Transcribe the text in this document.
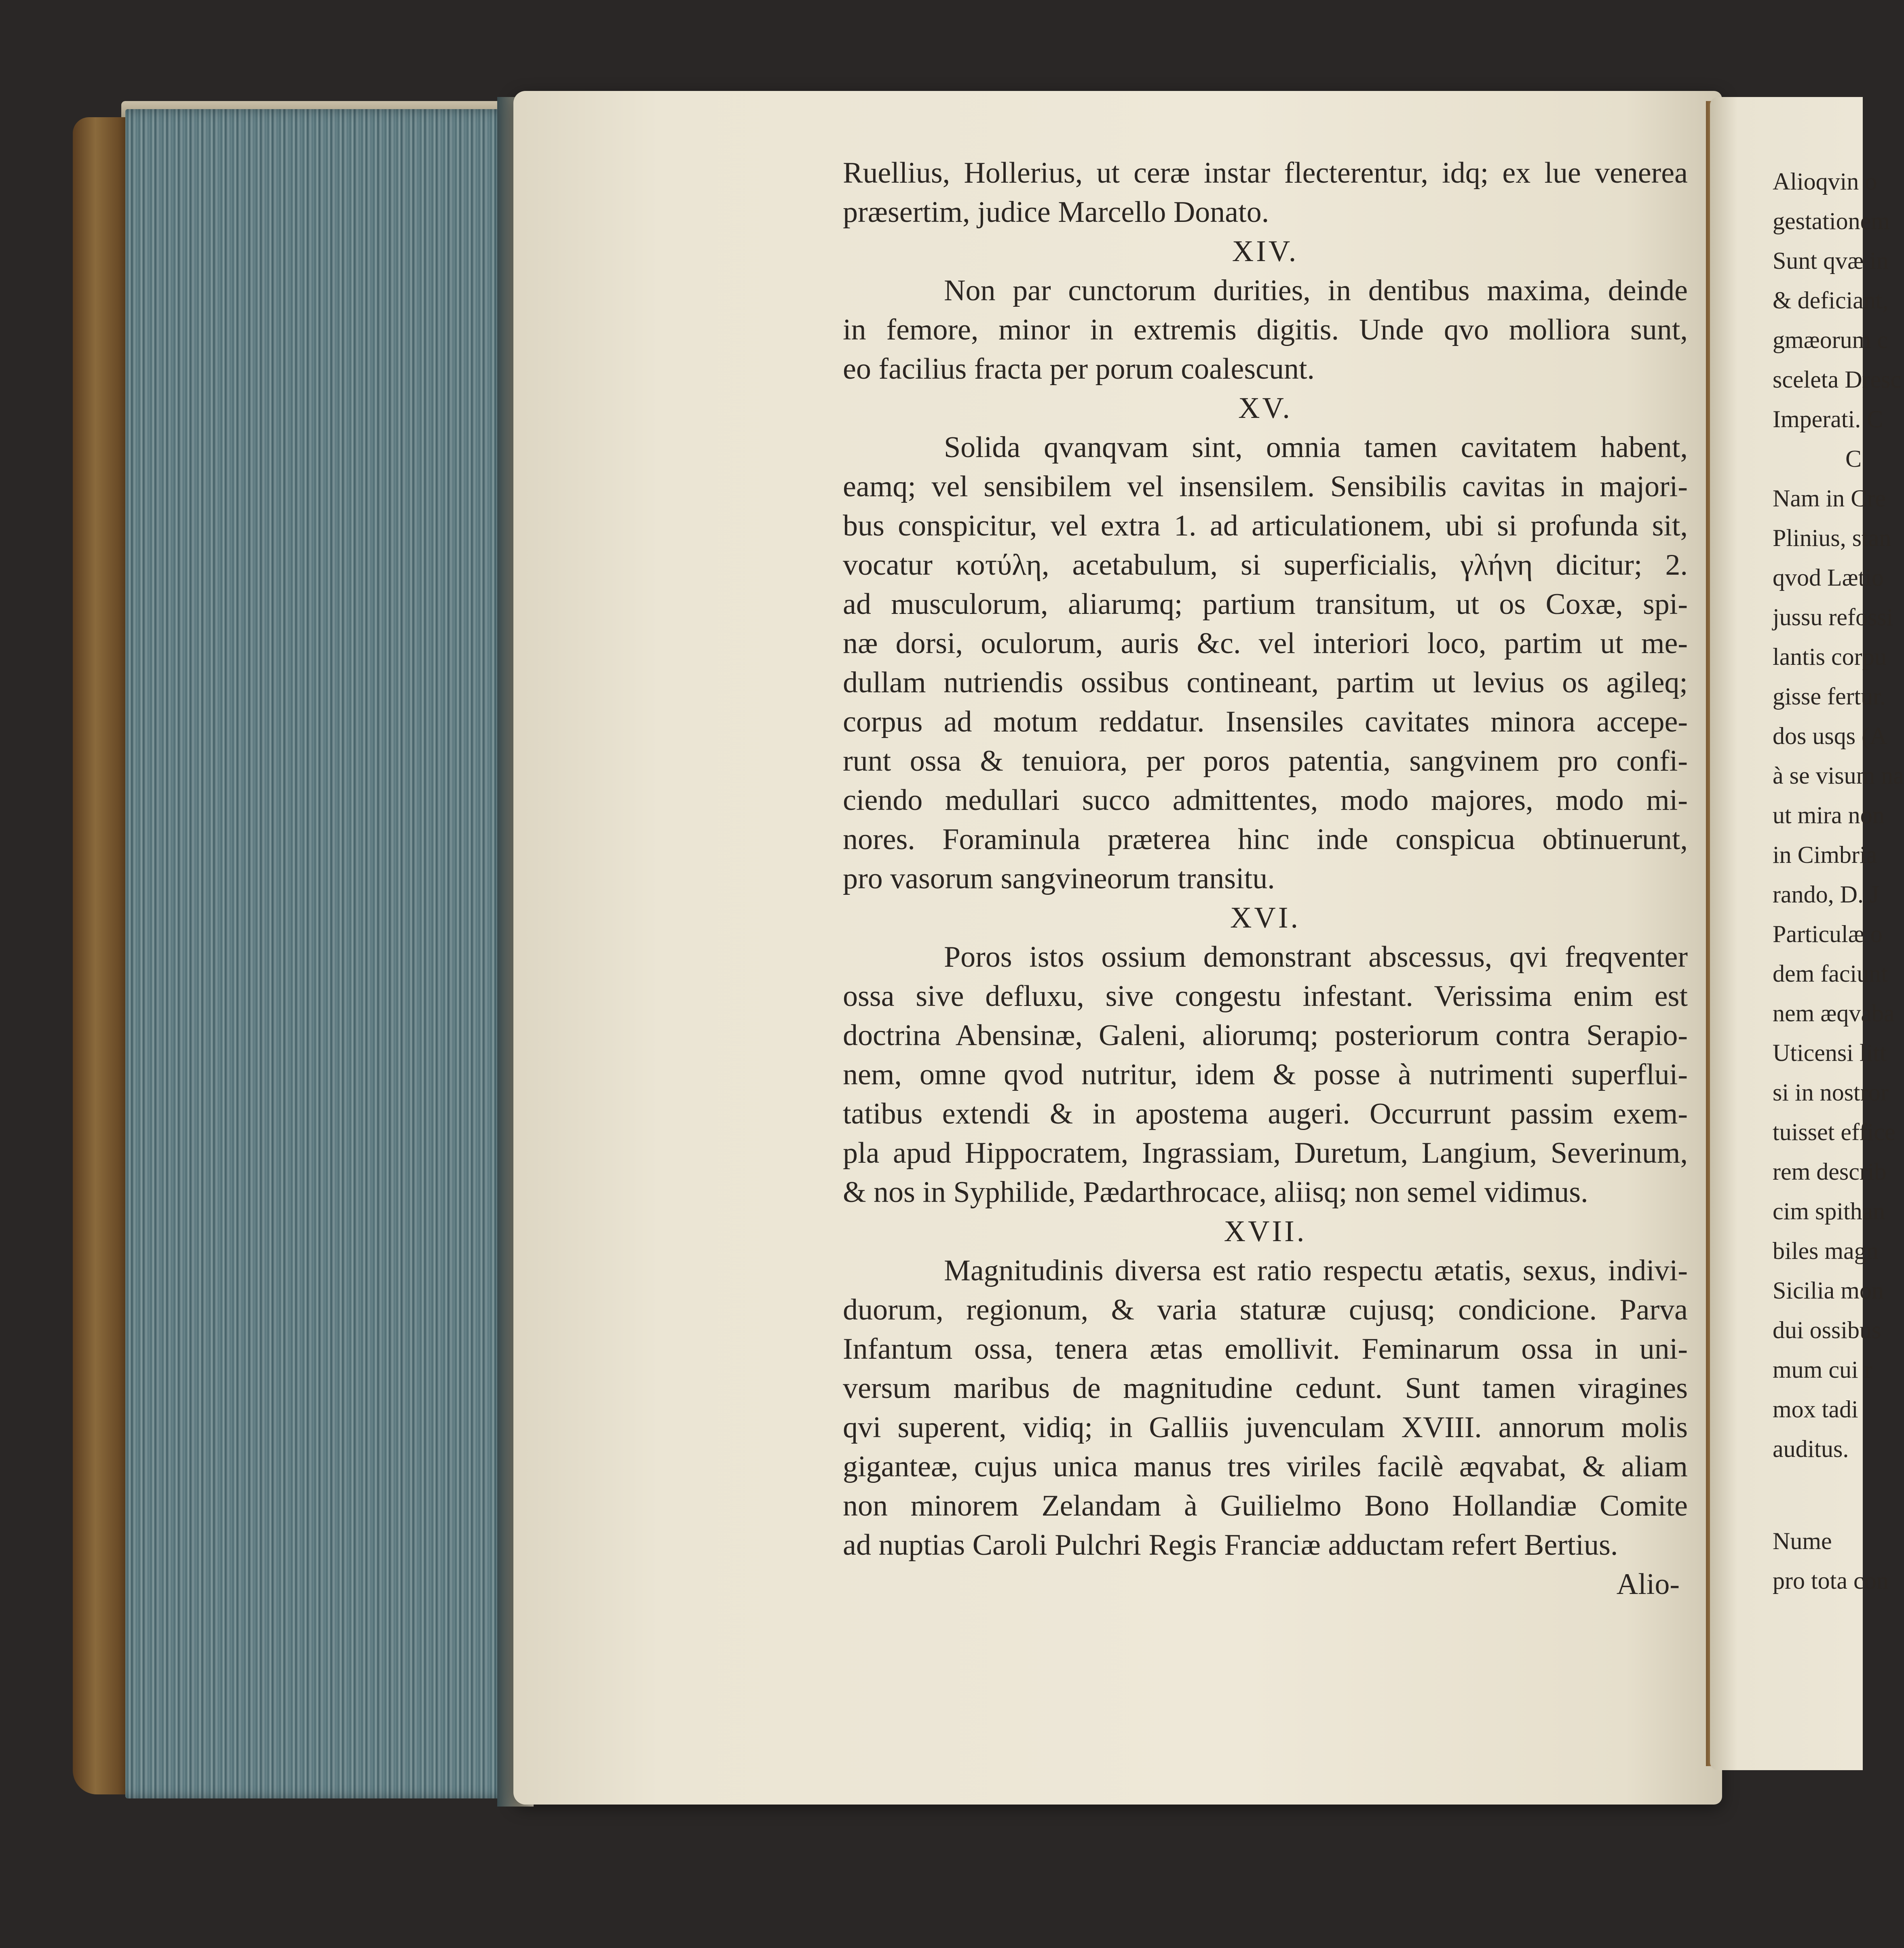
Ruellius, Hollerius, ut ceræ instar flecterentur, idq; ex lue venerea
præsertim, judice Marcello Donato.
XIV.
Non par cunctorum durities, in dentibus maxima, deinde
in femore, minor in extremis digitis. Unde qvo molliora sunt,
eo facilius fracta per porum coalescunt.
XV.
Solida qvanqvam sint, omnia tamen cavitatem habent,
eamq; vel sensibilem vel insensilem. Sensibilis cavitas in majori-
bus conspicitur, vel extra 1. ad articulationem, ubi si profunda sit,
vocatur κοτύλη, acetabulum, si superficialis, γλήνη dicitur; 2.
ad musculorum, aliarumq; partium transitum, ut os Coxæ, spi-
næ dorsi, oculorum, auris &c. vel interiori loco, partim ut me-
dullam nutriendis ossibus contineant, partim ut levius os agileq;
corpus ad motum reddatur. Insensiles cavitates minora accepe-
runt ossa & tenuiora, per poros patentia, sangvinem pro confi-
ciendo medullari succo admittentes, modo majores, modo mi-
nores. Foraminula præterea hinc inde conspicua obtinuerunt,
pro vasorum sangvineorum transitu.
XVI.
Poros istos ossium demonstrant abscessus, qvi freqventer
ossa sive defluxu, sive congestu infestant. Verissima enim est
doctrina Abensinæ, Galeni, aliorumq; posteriorum contra Serapio-
nem, omne qvod nutritur, idem & posse à nutrimenti superflui-
tatibus extendi & in apostema augeri. Occurrunt passim exem-
pla apud Hippocratem, Ingrassiam, Duretum, Langium, Severinum,
& nos in Syphilide, Pædarthrocace, aliisq; non semel vidimus.
XVII.
Magnitudinis diversa est ratio respectu ætatis, sexus, indivi-
duorum, regionum, & varia staturæ cujusq; condicione. Parva
Infantum ossa, tenera ætas emollivit. Feminarum ossa in uni-
versum maribus de magnitudine cedunt. Sunt tamen viragines
qvi superent, vidiq; in Galliis juvenculam XVIII. annorum molis
giganteæ, cujus unica manus tres viriles facilè æqvabat, & aliam
non minorem Zelandam à Guilielmo Bono Hollandiæ Comite
ad nuptias Caroli Pulchri Regis Franciæ adductam refert Bertius.
Alio-
Alioqvin o
gestationem
Sunt qvæ in
& deficiant,
gmæorum c
sceleta Dresc
Imperati. C
C
Nam in Cre
Plinius, stan
qvod Lætio
jussu refossi
lantis corpu
gisse fertur.
dos usqs (A
à se visum na
ut mira non
in Cimbria
rando, D. J
Particulæ o
dem faciunt
nem æqvaba
Uticensi litt
si in nostror
tuisset effice
rem describ
cim spithan
biles magn
Sicilia mon
dui ossibus
mum cui r
mox tadi
auditus.
Nume
pro tota con
